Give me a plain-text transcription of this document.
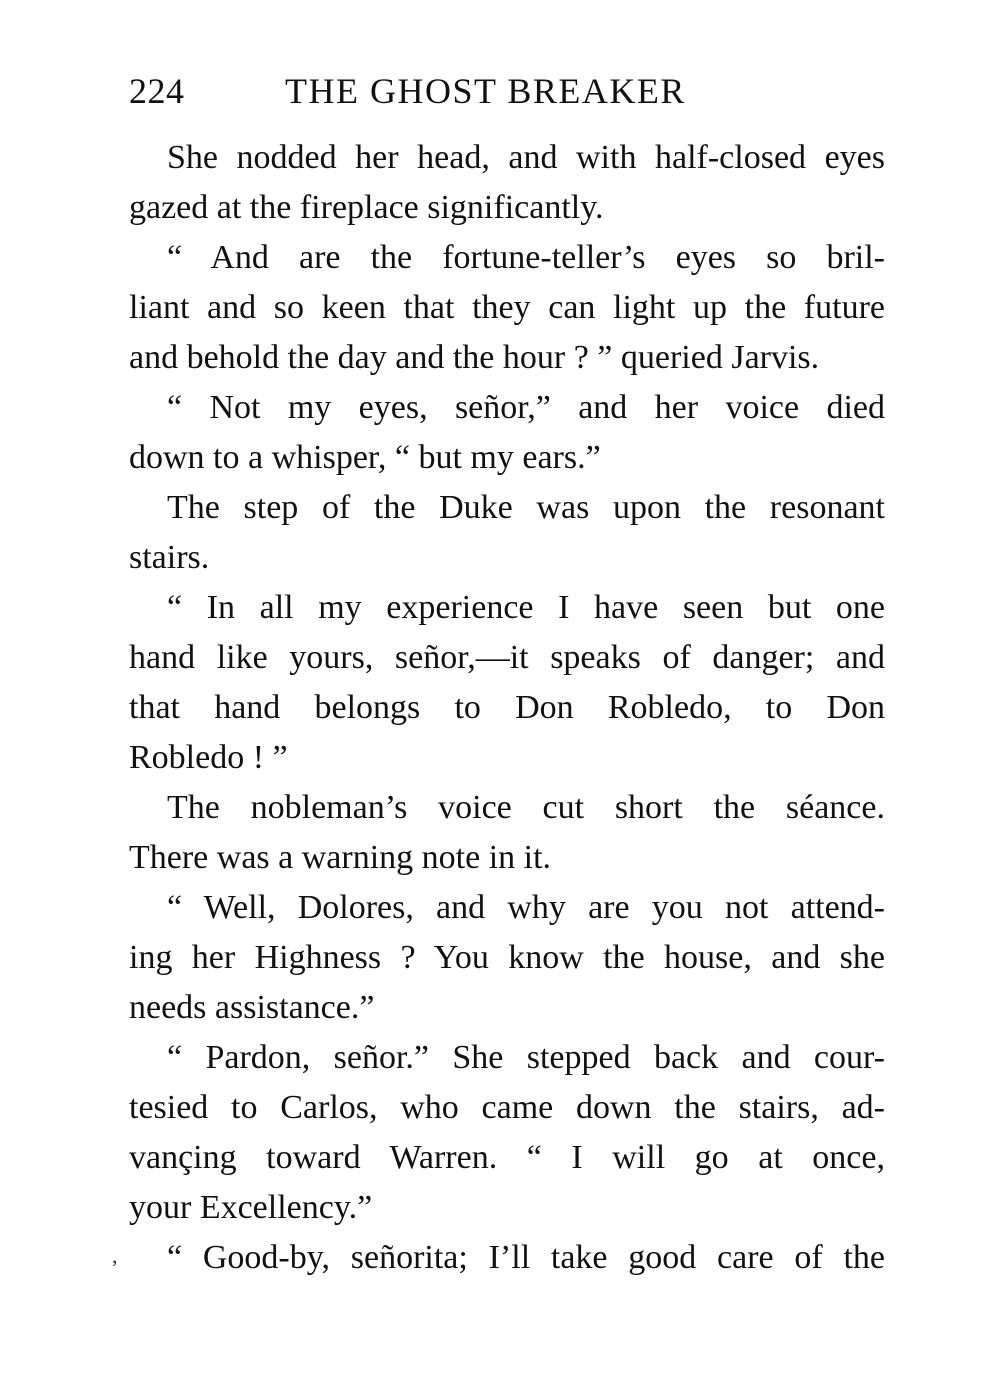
224	THE GHOST BREAKER
She nodded her head, and with half-closed eyes
gazed at the fireplace significantly.
“ And are the fortune-teller’s eyes so bril-
liant and so keen that they can light up the future
and behold the day and the hour ? ” queried Jarvis.
“ Not my eyes, señor,” and her voice died
down to a whisper, “ but my ears.”
The step of the Duke was upon the resonant
stairs.
“ In all my experience I have seen but one
hand like yours, señor,—it speaks of danger; and
that hand belongs to Don Robledo, to Don
Robledo ! ”
The nobleman’s voice cut short the séance.
There was a warning note in it.
“ Well, Dolores, and why are you not attend-
ing her Highness ? You know the house, and she
needs assistance.”
“ Pardon, señor.” She stepped back and cour-
tesied to Carlos, who came down the stairs, ad-
vançing toward Warren. “ I will go at once,
your Excellency.”
“ Good-by, señorita; I’ll take good care of the
,
